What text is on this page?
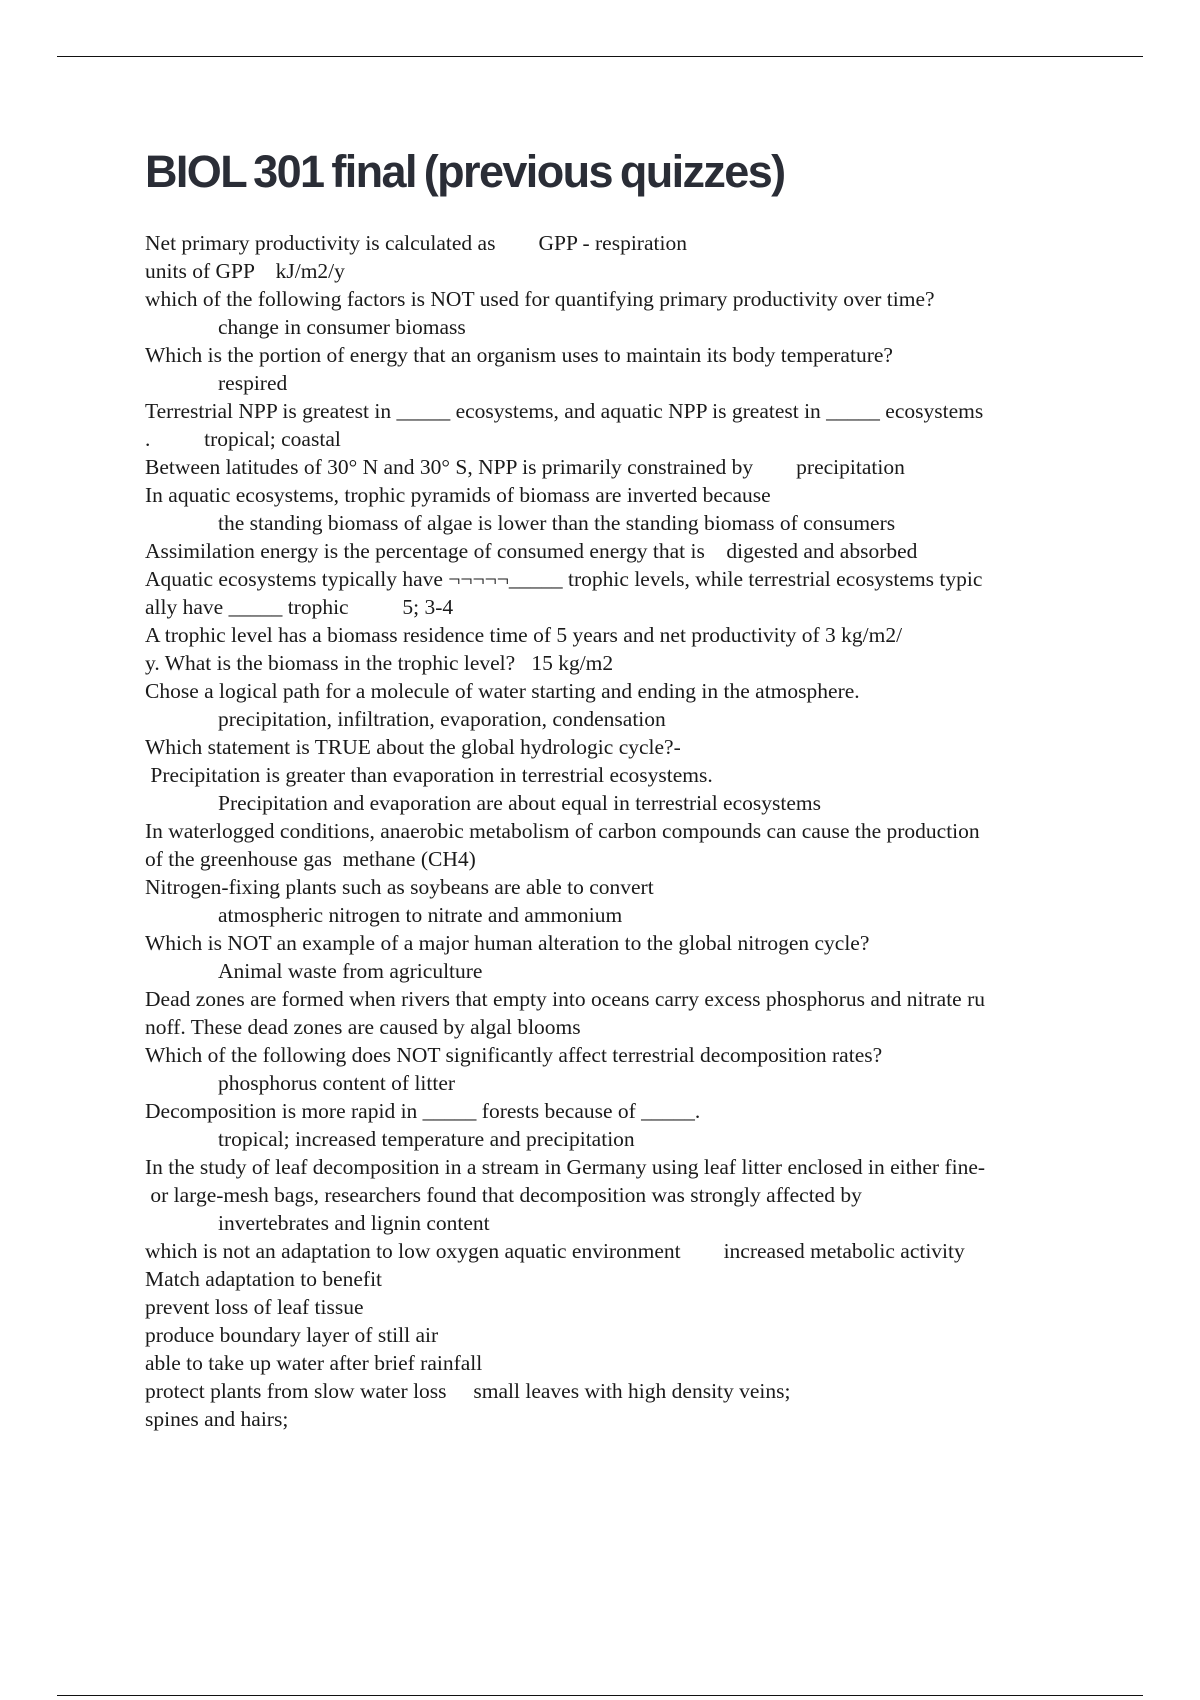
BIOL 301 final (previous quizzes)
Net primary productivity is calculated as        GPP - respiration
units of GPP    kJ/m2/y
which of the following factors is NOT used for quantifying primary productivity over time?
change in consumer biomass
Which is the portion of energy that an organism uses to maintain its body temperature?
respired
Terrestrial NPP is greatest in _____ ecosystems, and aquatic NPP is greatest in _____ ecosystems
.          tropical; coastal
Between latitudes of 30° N and 30° S, NPP is primarily constrained by        precipitation
In aquatic ecosystems, trophic pyramids of biomass are inverted because
the standing biomass of algae is lower than the standing biomass of consumers
Assimilation energy is the percentage of consumed energy that is    digested and absorbed
Aquatic ecosystems typically have ¬¬¬¬¬_____ trophic levels, while terrestrial ecosystems typic
ally have _____ trophic          5; 3-4
A trophic level has a biomass residence time of 5 years and net productivity of 3 kg/m2/
y. What is the biomass in the trophic level?   15 kg/m2
Chose a logical path for a molecule of water starting and ending in the atmosphere.
precipitation, infiltration, evaporation, condensation
Which statement is TRUE about the global hydrologic cycle?-
Precipitation is greater than evaporation in terrestrial ecosystems.
Precipitation and evaporation are about equal in terrestrial ecosystems
In waterlogged conditions, anaerobic metabolism of carbon compounds can cause the production
of the greenhouse gas  methane (CH4)
Nitrogen-fixing plants such as soybeans are able to convert
atmospheric nitrogen to nitrate and ammonium
Which is NOT an example of a major human alteration to the global nitrogen cycle?
Animal waste from agriculture
Dead zones are formed when rivers that empty into oceans carry excess phosphorus and nitrate ru
noff. These dead zones are caused by algal blooms
Which of the following does NOT significantly affect terrestrial decomposition rates?
phosphorus content of litter
Decomposition is more rapid in _____ forests because of _____.
tropical; increased temperature and precipitation
In the study of leaf decomposition in a stream in Germany using leaf litter enclosed in either fine-
or large-mesh bags, researchers found that decomposition was strongly affected by
invertebrates and lignin content
which is not an adaptation to low oxygen aquatic environment        increased metabolic activity
Match adaptation to benefit
prevent loss of leaf tissue
produce boundary layer of still air
able to take up water after brief rainfall
protect plants from slow water loss     small leaves with high density veins;
spines and hairs;
